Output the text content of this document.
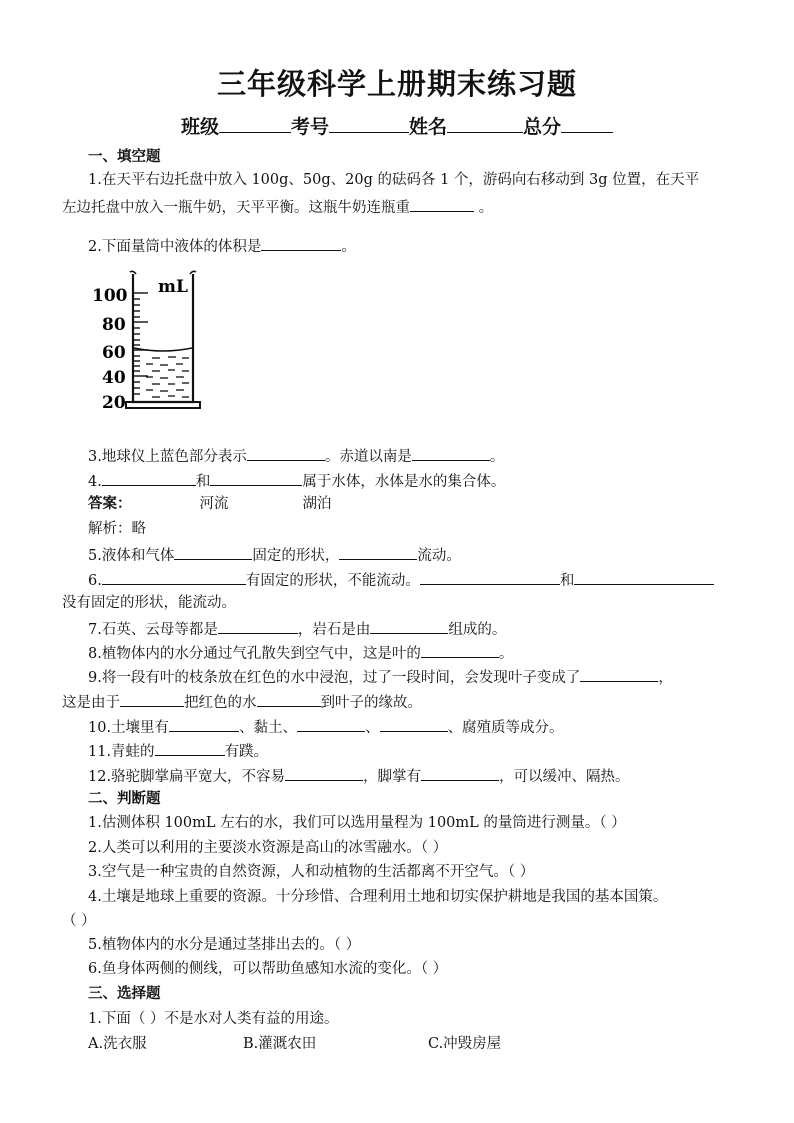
三年级科学上册期末练习题
班级	考号	姓名	总分
一、填空题
1.在天平右边托盘中放入 100g、50g、20g 的砝码各 1 个，游码向右移动到 3g 位置，在天平
左边托盘中放入一瓶牛奶，天平平衡。这瓶牛奶连瓶重	。
2.下面量筒中液体的体积是	。
mL
100
80
60
40
20
3.地球仪上蓝色部分表示	。赤道以南是	。
4.	和	属于水体，水体是水的集合体。
答案：	河流	湖泊
解析：略
5.液体和气体	固定的形状，	流动。
6.	有固定的形状，不能流动。	和
没有固定的形状，能流动。
7.石英、云母等都是	，岩石是由	组成的。
8.植物体内的水分通过气孔散失到空气中，这是叶的	。
9.将一段有叶的枝条放在红色的水中浸泡，过了一段时间，会发现叶子变成了	，
这是由于	把红色的水	到叶子的缘故。
10.土壤里有	、黏土、	、	、腐殖质等成分。
11.青蛙的	有蹼。
12.骆驼脚掌扁平宽大，不容易	，脚掌有	，可以缓冲、隔热。
二、判断题
1.估测体积 100mL 左右的水，我们可以选用量程为 100mL 的量筒进行测量。（ ）
2.人类可以利用的主要淡水资源是高山的冰雪融水。（ ）
3.空气是一种宝贵的自然资源，人和动植物的生活都离不开空气。（ ）
4.土壤是地球上重要的资源。十分珍惜、合理利用土地和切实保护耕地是我国的基本国策。
（ ）
5.植物体内的水分是通过茎排出去的。（ ）
6.鱼身体两侧的侧线，可以帮助鱼感知水流的变化。（ ）
三、选择题
1.下面（ ）不是水对人类有益的用途。
A.洗衣服	B.灌溉农田	C.冲毁房屋
